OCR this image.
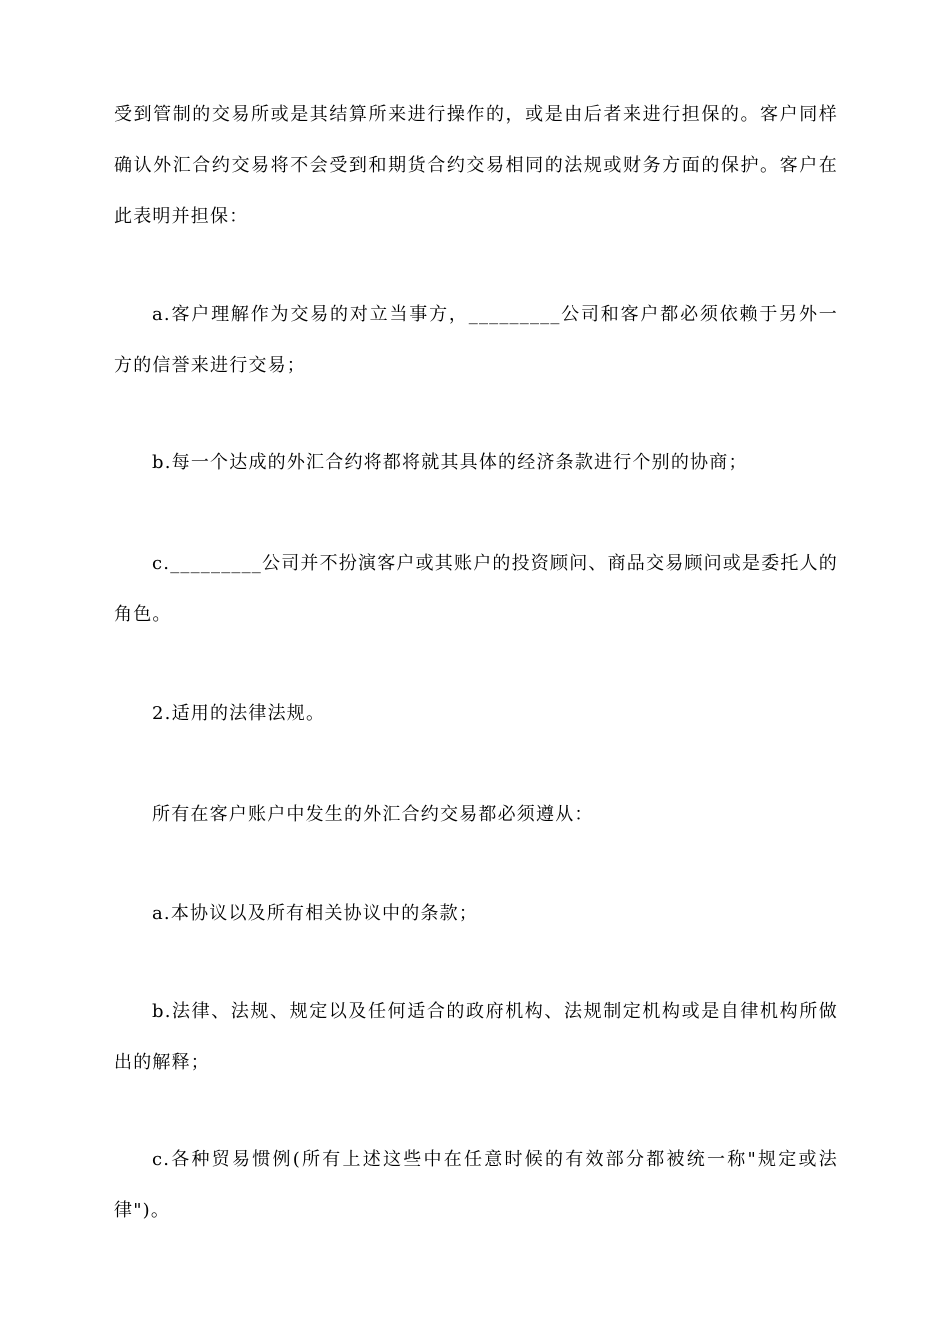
受到管制的交易所或是其结算所来进行操作的，或是由后者来进行担保的。客户同样确认外汇合约交易将不会受到和期货合约交易相同的法规或财务方面的保护。客户在此表明并担保：

a.客户理解作为交易的对立当事方，_________公司和客户都必须依赖于另外一方的信誉来进行交易；

b.每一个达成的外汇合约将都将就其具体的经济条款进行个别的协商；

c._________公司并不扮演客户或其账户的投资顾问、商品交易顾问或是委托人的角色。

2.适用的法律法规。

所有在客户账户中发生的外汇合约交易都必须遵从：

a.本协议以及所有相关协议中的条款；

b.法律、法规、规定以及任何适合的政府机构、法规制定机构或是自律机构所做出的解释；

c.各种贸易惯例(所有上述这些中在任意时候的有效部分都被统一称"规定或法律")。
